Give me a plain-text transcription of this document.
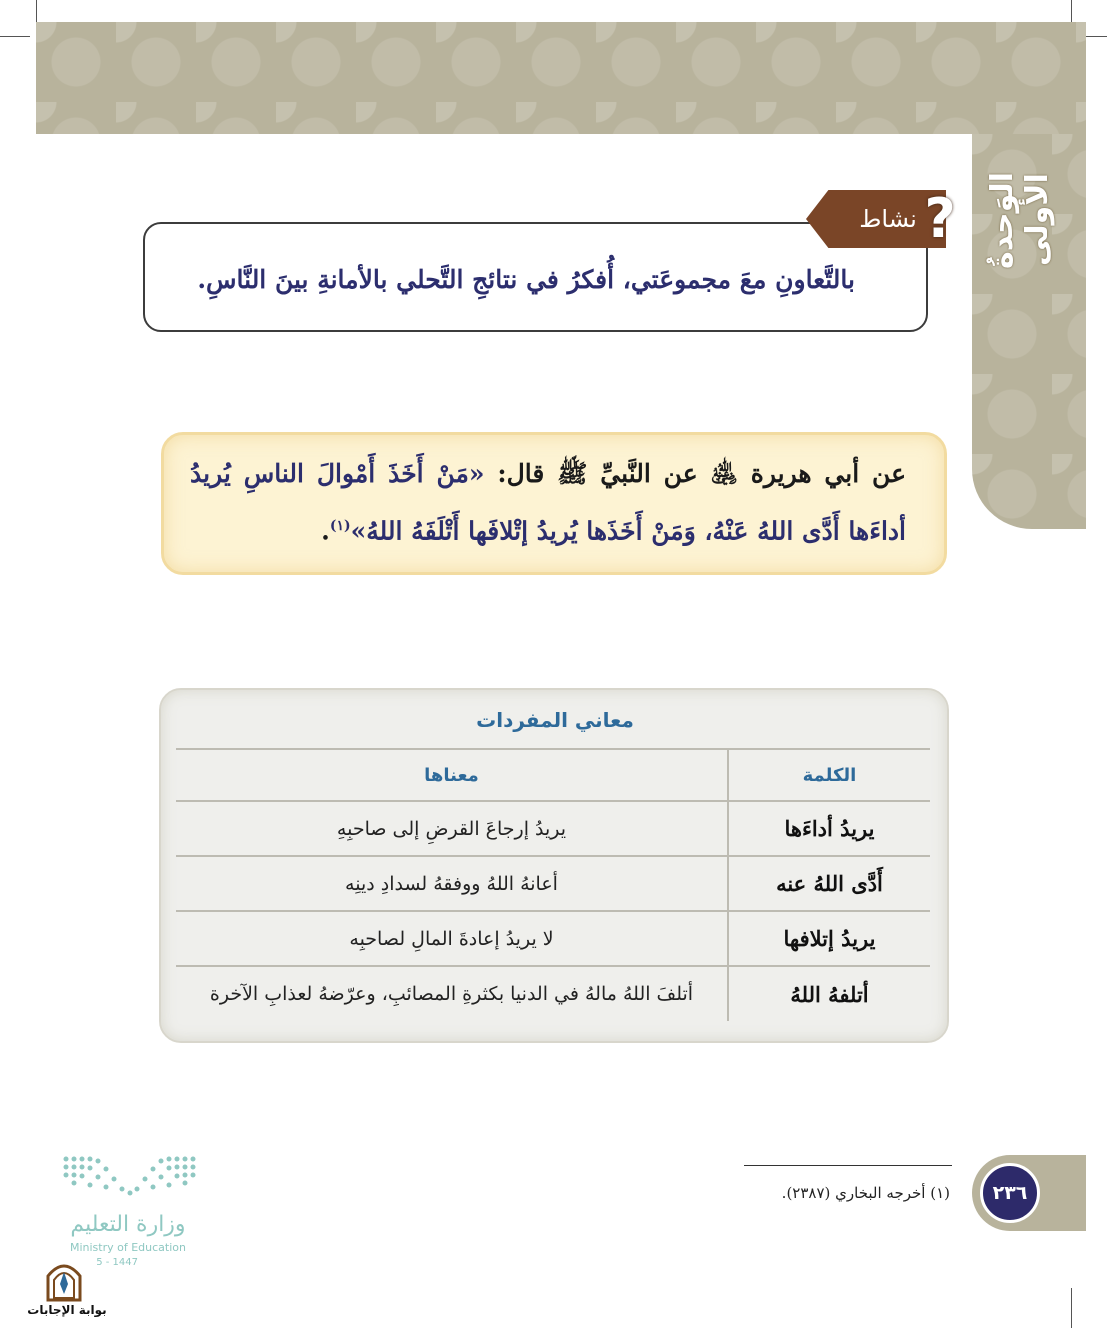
الوَحدةُ الأولى
نشاط ?
بالتَّعاونِ معَ مجموعَتي، أُفكرُ في نتائجِ التَّحلي بالأمانةِ بينَ النَّاسِ.
عن أبي هريرة ﵁ عن النَّبيِّ ﷺ قال: «مَنْ أَخَذَ أَمْوالَ الناسِ يُريدُ أداءَها أَدَّى اللهُ عَنْهُ، وَمَنْ أَخَذَها يُريدُ إتْلافَها أَتْلَفَهُ اللهُ»$^{(١)}$.
معاني المفردات
الكلمة	معناها
يريدُ أداءَها	يريدُ إرجاعَ القرضِ إلى صاحبِهِ
أَدَّى اللهُ عنه	أعانهُ اللهُ ووفقهُ لسدادِ دينِه
يريدُ إتلافها	لا يريدُ إعادةَ المالِ لصاحبِه
أتلفهُ اللهُ	أتلفَ اللهُ مالهُ في الدنيا بكثرةِ المصائبِ، وعرّضهُ لعذابِ الآخرة
(١) أخرجه البخاري (٢٣٨٧).	٢٣٦
وزارة التعليم
Ministry of Education
5 - 1447
بوابة الإجابات
